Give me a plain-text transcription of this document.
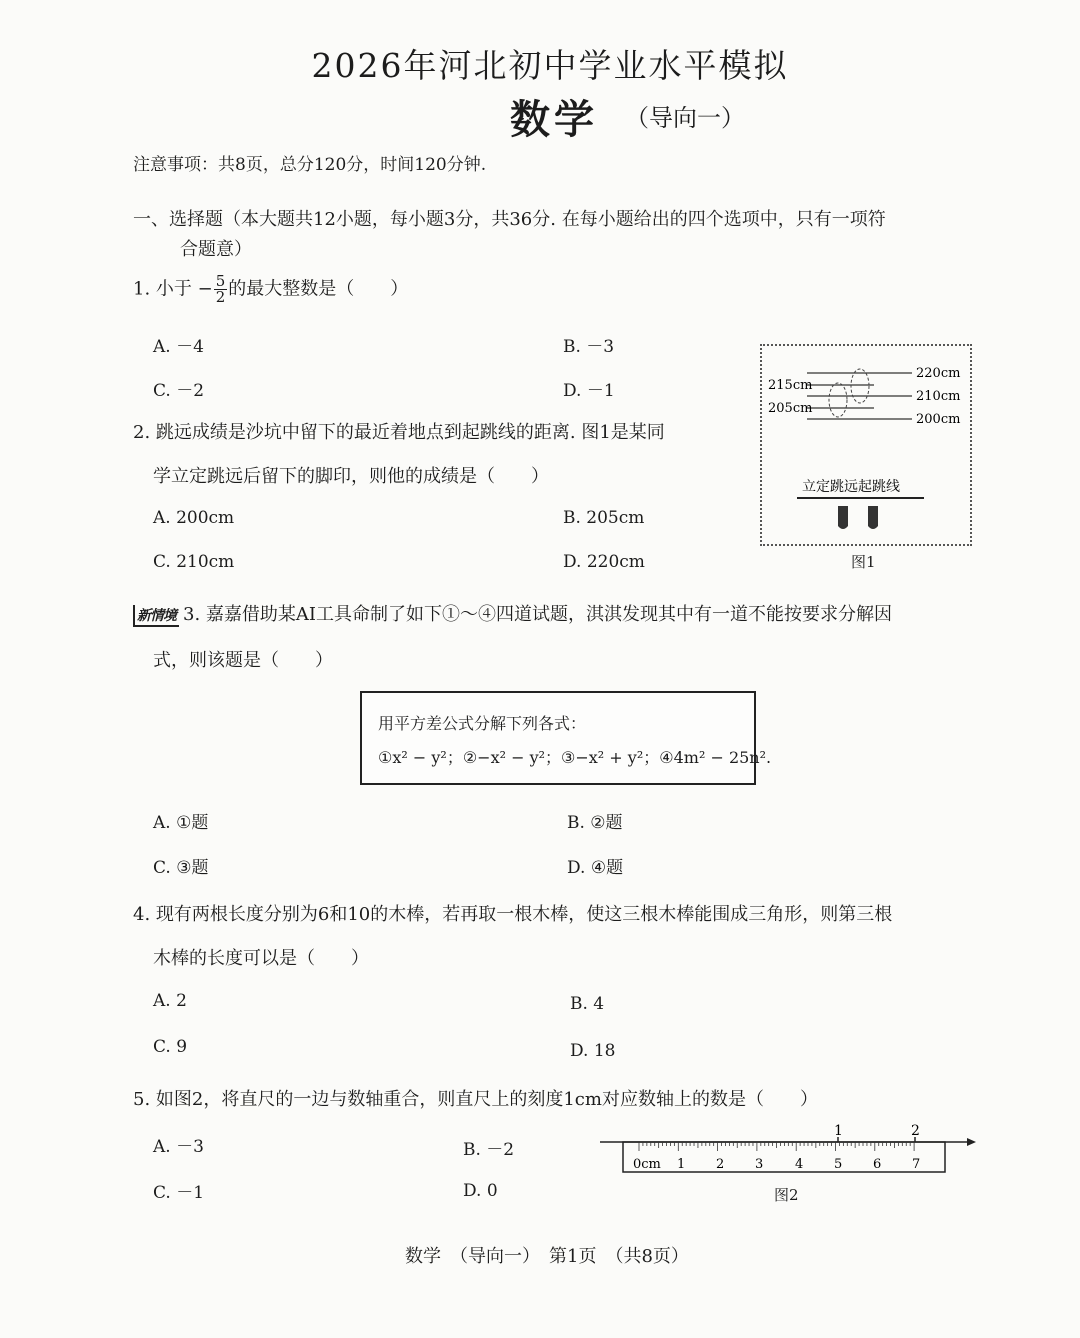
2026年河北初中学业水平模拟
数学 （导向一）
注意事项：共8页，总分120分，时间120分钟.
一、选择题（本大题共12小题，每小题3分，共36分. 在每小题给出的四个选项中，只有一项符
合题意）
1. 小于 − $\frac{5}{2}$ 的最大整数是（　　）
A. －4	B. －3
C. －2	D. －1
2. 跳远成绩是沙坑中留下的最近着地点到起跳线的距离. 图1是某同
学立定跳远后留下的脚印，则他的成绩是（　　）
A. 200cm	B. 205cm
C. 210cm	D. 220cm
220cm
210cm
200cm
215cm
205cm
立定跳远起跳线
图1
新情境 3. 嘉嘉借助某AI工具命制了如下①～④四道试题，淇淇发现其中有一道不能按要求分解因
式，则该题是（　　）
用平方差公式分解下列各式：
①x² − y²；②−x² − y²；③−x² + y²；④4m² − 25n².
A. ①题	B. ②题
C. ③题	D. ④题
4. 现有两根长度分别为6和10的木棒，若再取一根木棒，使这三根木棒能围成三角形，则第三根
木棒的长度可以是（　　）
A. 2	B. 4
C. 9	D. 18
5. 如图2，将直尺的一边与数轴重合，则直尺上的刻度1cm对应数轴上的数是（　　）
A. －3	B. －2
C. －1	D. 0
1	2
0cm 1 2 3 4 5 6 7
图2
数学　（导向一）　第1页　（共8页）
